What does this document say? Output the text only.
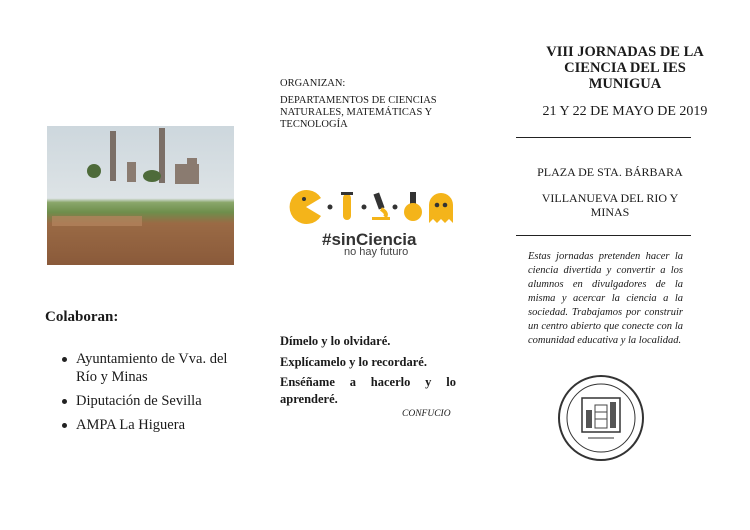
Colaboran:
Ayuntamiento de Vva. del Río y Minas
Diputación de Sevilla
AMPA La Higuera

ORGANIZAN:

DEPARTAMENTOS DE CIENCIAS NATURALES, MATEMÁTICAS Y TECNOLOGÍA

#sinCiencia
no hay futuro

Dímelo y lo olvidaré.

Explícamelo y lo recordaré.

Enséñame a hacerlo y lo aprenderé.

CONFUCIO
VIII JORNADAS DE LA
CIENCIA DEL IES
MUNIGUA
21 Y 22 DE MAYO DE 2019
PLAZA DE STA. BÁRBARA
VILLANUEVA DEL RIO Y
MINAS

Estas jornadas pretenden hacer la ciencia divertida y convertir a los alumnos en divulgadores de la misma y acercar la ciencia a la sociedad. Trabajamos por construir un centro abierto que conecte con la comunidad educativa y la localidad.
